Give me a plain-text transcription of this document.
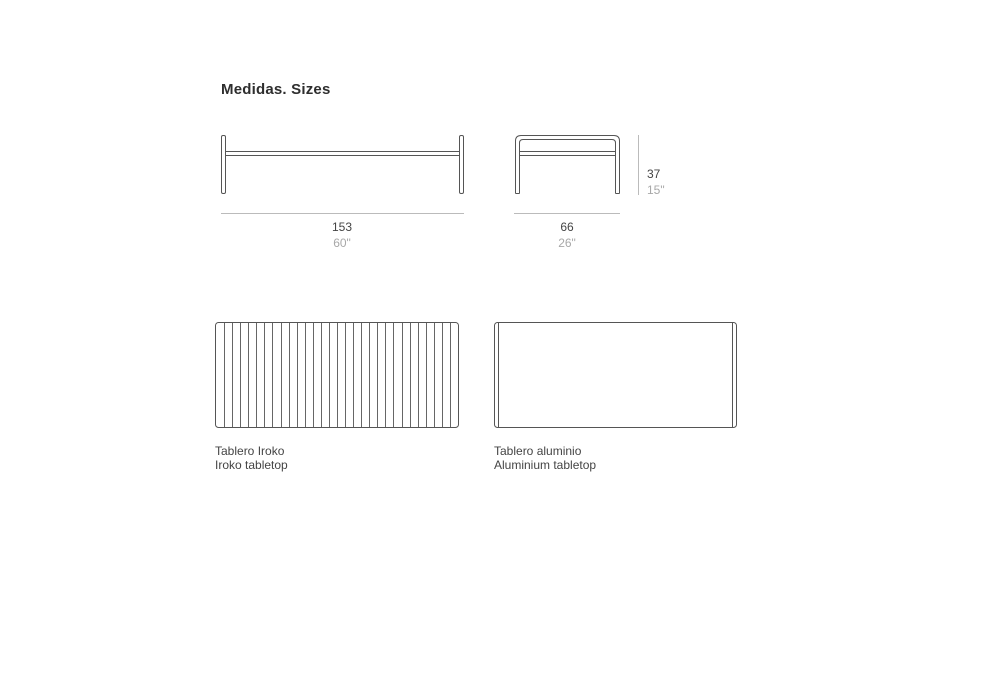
Medidas. Sizes
153
60"
66
26"
37
15"
Tablero Iroko
Iroko tabletop
Tablero aluminio
Aluminium tabletop
